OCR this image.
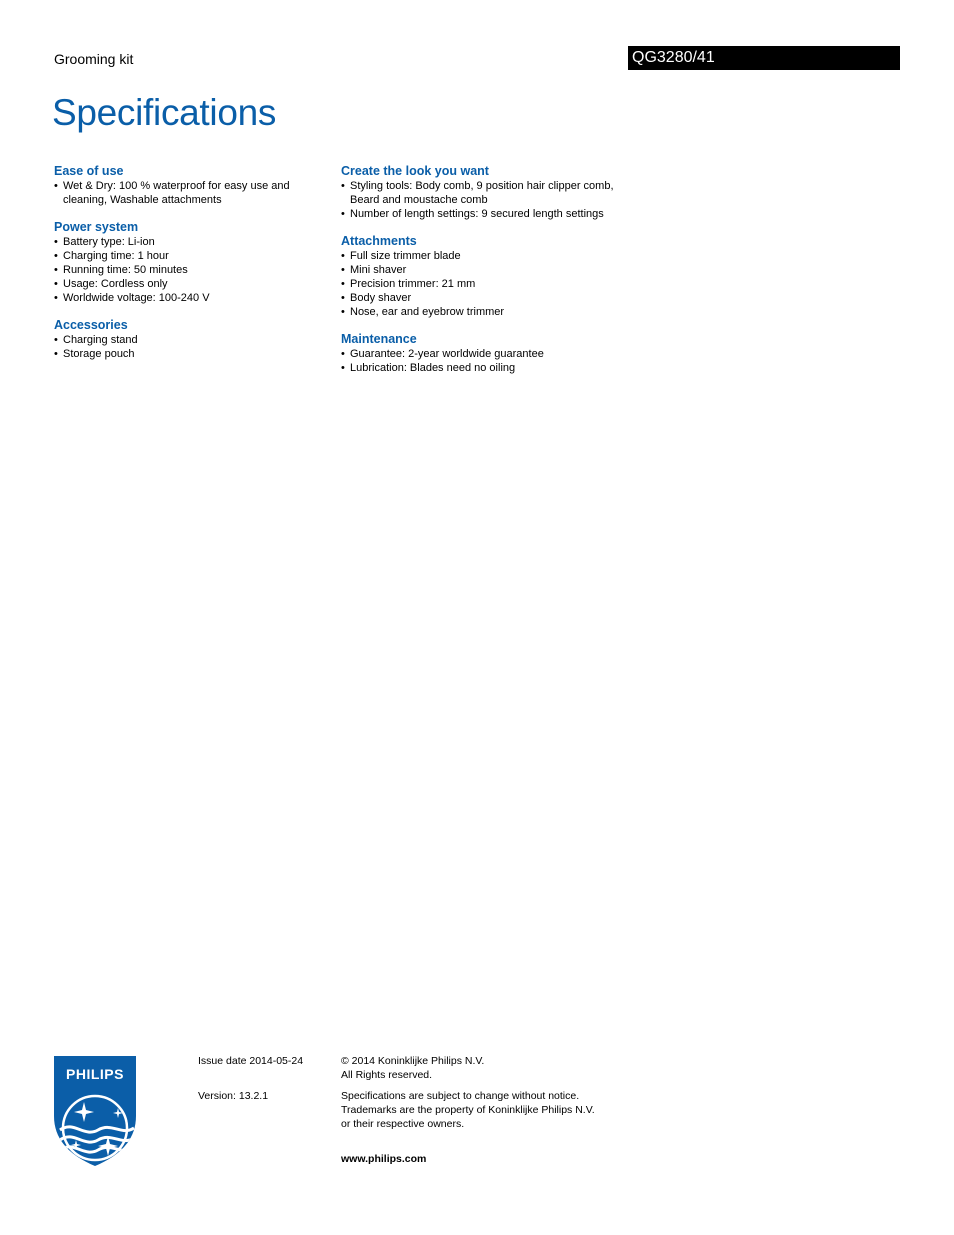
Grooming kit	QG3280/41
Specifications
Ease of use
• Wet & Dry: 100 % waterproof for easy use and cleaning, Washable attachments
Power system
• Battery type: Li-ion
• Charging time: 1 hour
• Running time: 50 minutes
• Usage: Cordless only
• Worldwide voltage: 100-240 V
Accessories
• Charging stand
• Storage pouch
Create the look you want
• Styling tools: Body comb, 9 position hair clipper comb, Beard and moustache comb
• Number of length settings: 9 secured length settings
Attachments
• Full size trimmer blade
• Mini shaver
• Precision trimmer: 21 mm
• Body shaver
• Nose, ear and eyebrow trimmer
Maintenance
• Guarantee: 2-year worldwide guarantee
• Lubrication: Blades need no oiling
PHILIPS
Issue date 2014-05-24
Version: 13.2.1

© 2014 Koninklijke Philips N.V.

All Rights reserved.

Specifications are subject to change without notice.

Trademarks are the property of Koninklijke Philips N.V.

or their respective owners.

www.philips.com
